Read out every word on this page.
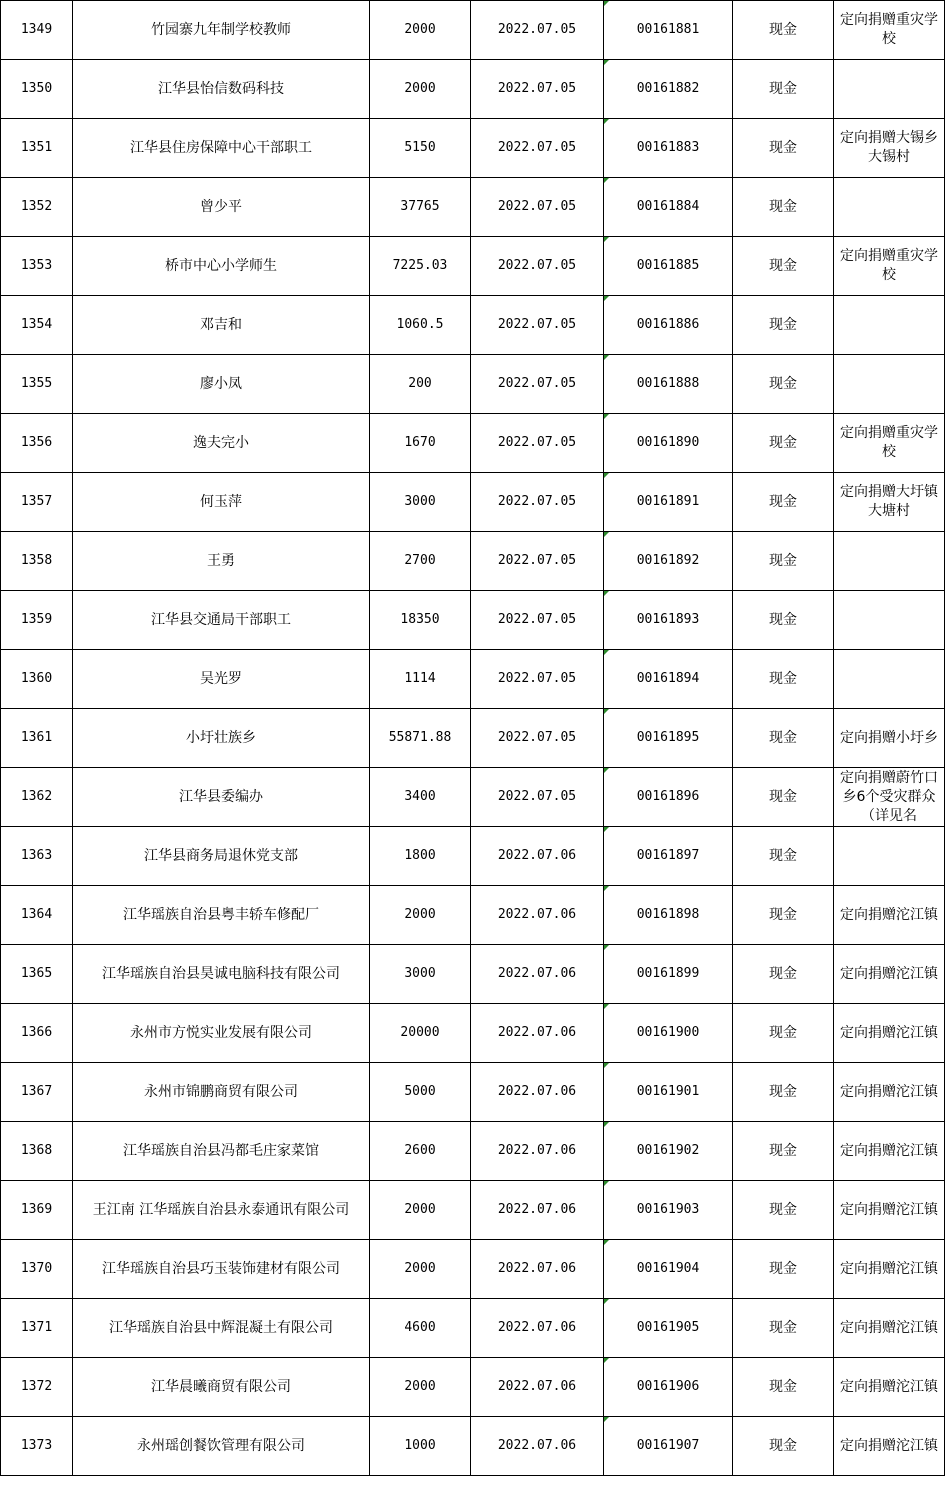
1349	竹园寨九年制学校教师	2000	2022.07.05	00161881	现金	定向捐赠重灾学校

1350	江华县怡信数码科技	2000	2022.07.05	00161882	现金	

1351	江华县住房保障中心干部职工	5150	2022.07.05	00161883	现金	定向捐赠大锡乡大锡村

1352	曾少平	37765	2022.07.05	00161884	现金	

1353	桥市中心小学师生	7225.03	2022.07.05	00161885	现金	定向捐赠重灾学校

1354	邓吉和	1060.5	2022.07.05	00161886	现金	

1355	廖小凤	200	2022.07.05	00161888	现金	

1356	逸夫完小	1670	2022.07.05	00161890	现金	定向捐赠重灾学校

1357	何玉萍	3000	2022.07.05	00161891	现金	定向捐赠大圩镇大塘村

1358	王勇	2700	2022.07.05	00161892	现金	

1359	江华县交通局干部职工	18350	2022.07.05	00161893	现金	

1360	吴光罗	1114	2022.07.05	00161894	现金	

1361	小圩壮族乡	55871.88	2022.07.05	00161895	现金	定向捐赠小圩乡

1362	江华县委编办	3400	2022.07.05	00161896	现金	定向捐赠蔚竹口乡6个受灾群众（详见名

1363	江华县商务局退休党支部	1800	2022.07.06	00161897	现金	

1364	江华瑶族自治县粤丰轿车修配厂	2000	2022.07.06	00161898	现金	定向捐赠沱江镇

1365	江华瑶族自治县昊诚电脑科技有限公司	3000	2022.07.06	00161899	现金	定向捐赠沱江镇

1366	永州市方悦实业发展有限公司	20000	2022.07.06	00161900	现金	定向捐赠沱江镇

1367	永州市锦鹏商贸有限公司	5000	2022.07.06	00161901	现金	定向捐赠沱江镇

1368	江华瑶族自治县冯都毛庄家菜馆	2600	2022.07.06	00161902	现金	定向捐赠沱江镇

1369	王江南 江华瑶族自治县永泰通讯有限公司	2000	2022.07.06	00161903	现金	定向捐赠沱江镇

1370	江华瑶族自治县巧玉装饰建材有限公司	2000	2022.07.06	00161904	现金	定向捐赠沱江镇

1371	江华瑶族自治县中辉混凝土有限公司	4600	2022.07.06	00161905	现金	定向捐赠沱江镇

1372	江华晨曦商贸有限公司	2000	2022.07.06	00161906	现金	定向捐赠沱江镇

1373	永州瑶创餐饮管理有限公司	1000	2022.07.06	00161907	现金	定向捐赠沱江镇
